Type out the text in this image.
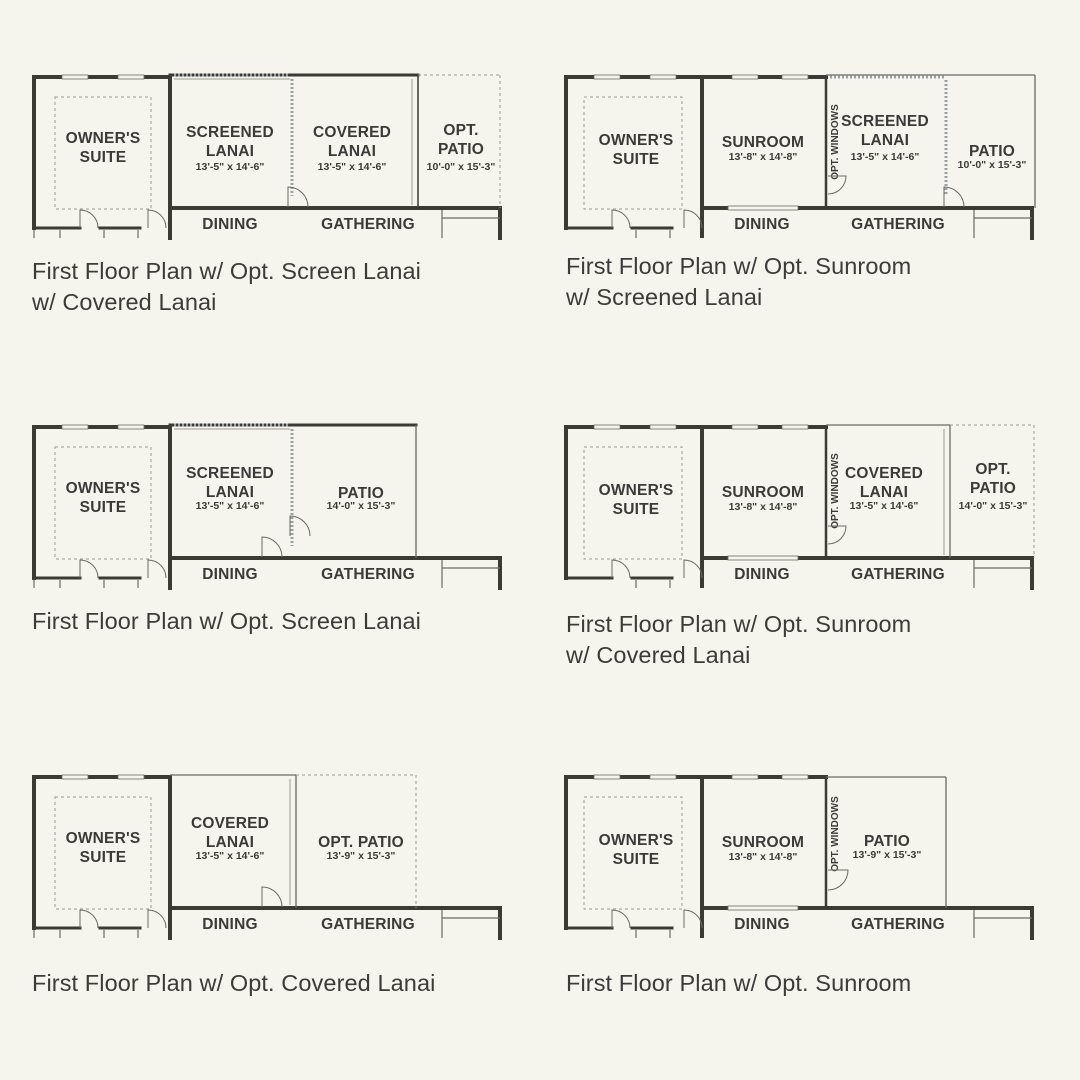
OWNER'S SUITE
DINING	GATHERING
SCREENED LANAI
13'-5" x 14'-6"
COVERED LANAI
13'-5" x 14'-6"
OPT. PATIO
10'-0" x 15'-3"
First Floor Plan w/ Opt. Screen Lanai
w/ Covered Lanai
OWNER'S SUITE
DINING	GATHERING
SUNROOM
13'-8" x 14'-8"	OPT. WINDOWS SCREENED LANAI
13'-5" x 14'-6"	PATIO
10'-0" x 15'-3"
First Floor Plan w/ Opt. Sunroom
w/ Screened Lanai
OWNER'S SUITE
DINING	GATHERING
SCREENED LANAI
13'-5" x 14'-6"
PATIO
14'-0" x 15'-3"
First Floor Plan w/ Opt. Screen Lanai
OWNER'S SUITE
DINING	GATHERING
SUNROOM
13'-8" x 14'-8"	OPT. WINDOWS COVERED LANAI
13'-5" x 14'-6"
OPT. PATIO
14'-0" x 15'-3"
First Floor Plan w/ Opt. Sunroom
w/ Covered Lanai
OWNER'S SUITE
DINING	GATHERING
COVERED LANAI
13'-5" x 14'-6"
OPT. PATIO
13'-9" x 15'-3"
First Floor Plan w/ Opt. Covered Lanai
OWNER'S SUITE
DINING	GATHERING
SUNROOM
13'-8" x 14'-8"	OPT. WINDOWS PATIO
13'-9" x 15'-3"
First Floor Plan w/ Opt. Sunroom
